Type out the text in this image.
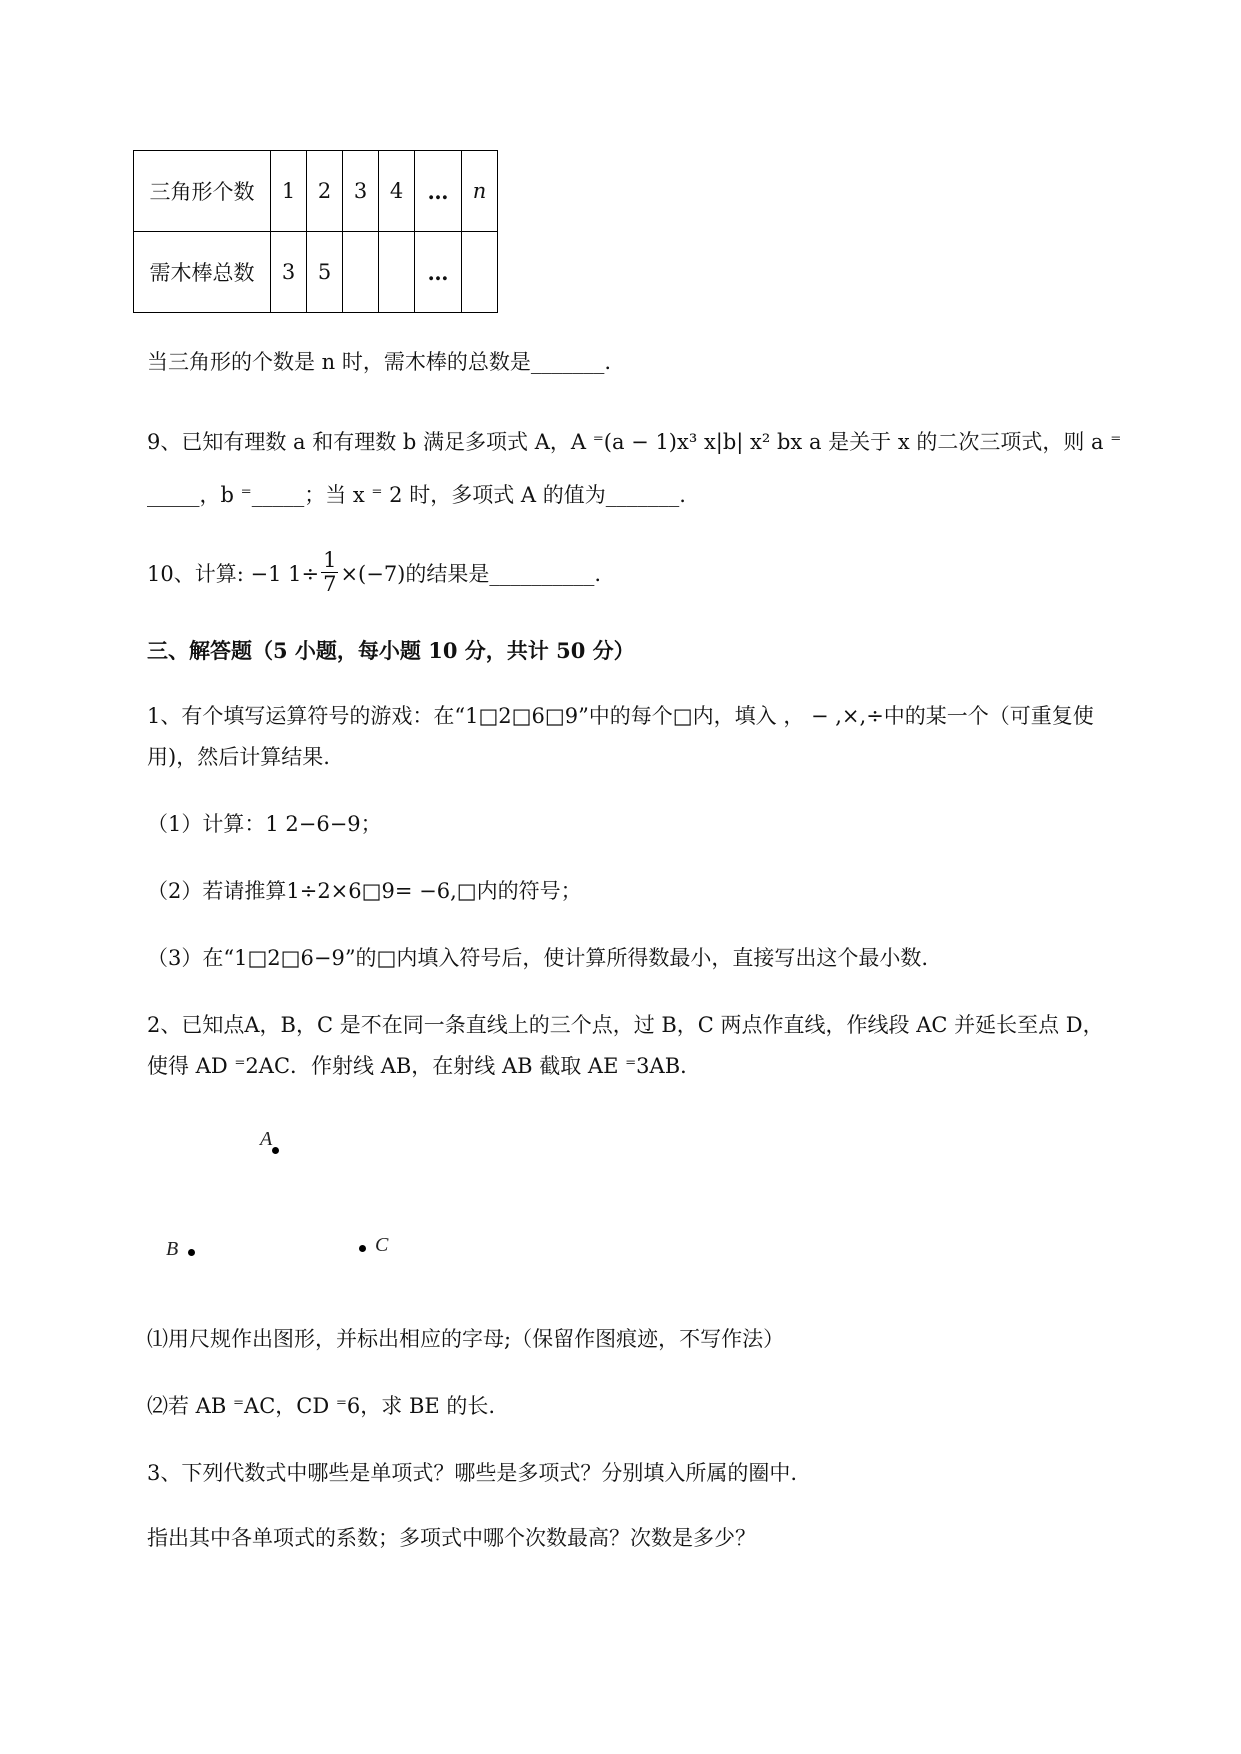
三角形个数	1	2	3	4	…	n
需木棒总数	3	5			…	
当三角形的个数是 n 时，需木棒的总数是_______.
9、已知有理数 a 和有理数 b 满足多项式 A，A ⁼(a − 1)x³ x|b| x² bx a 是关于 x 的二次三项式，则 a ⁼
_____，b ⁼_____；当 x ⁼ 2 时，多项式 A 的值为_______.
10、计算: −1 $1\div \frac{1}{7} \times(-7)$的结果是__________.
三、解答题（5 小题，每小题 10 分，共计 50 分）
1、有个填写运算符号的游戏：在“1□2□6□9”中的每个□内，填入 ， − ,×,÷中的某一个（可重复使
用)，然后计算结果.
（1）计算：1 2−6−9；
（2）若请推算1÷2×6□9= −6,□内的符号；
（3）在“1□2□6−9”的□内填入符号后，使计算所得数最小，直接写出这个最小数.
2、已知点A，B，C 是不在同一条直线上的三个点，过 B，C 两点作直线，作线段 AC 并延长至点 D，
使得 AD ⁼2AC．作射线 AB，在射线 AB 截取 AE ⁼3AB．
A
B	C
⑴用尺规作出图形，并标出相应的字母;（保留作图痕迹，不写作法）
⑵若 AB ⁼AC，CD ⁼6，求 BE 的长.
3、下列代数式中哪些是单项式？哪些是多项式？分别填入所属的圈中.
指出其中各单项式的系数；多项式中哪个次数最高？次数是多少？
